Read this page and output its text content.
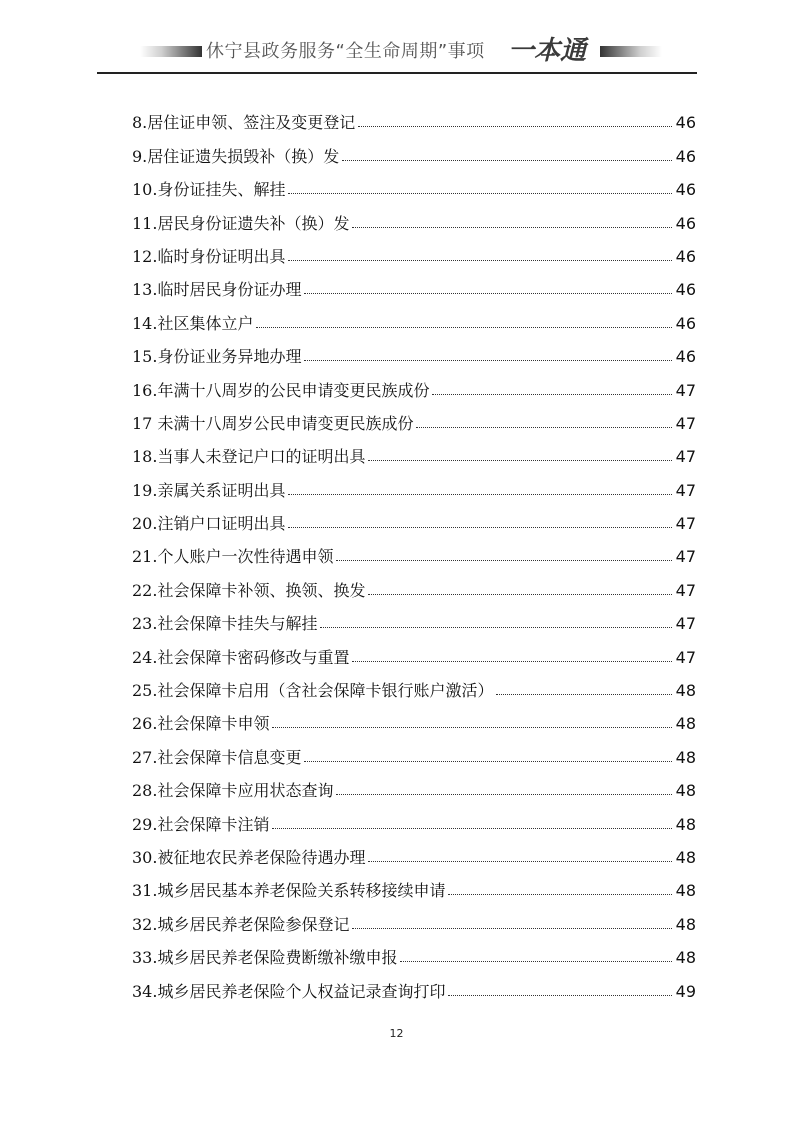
休宁县政务服务“全生命周期”事项 一本通
8.居住证申领、签注及变更登记	46
9.居住证遗失损毁补（换）发	46
10.身份证挂失、解挂	46
11.居民身份证遗失补（换）发	46
12.临时身份证明出具	46
13.临时居民身份证办理	46
14.社区集体立户	46
15.身份证业务异地办理	46
16.年满十八周岁的公民申请变更民族成份	47
17 未满十八周岁公民申请变更民族成份	47
18.当事人未登记户口的证明出具	47
19.亲属关系证明出具	47
20.注销户口证明出具	47
21.个人账户一次性待遇申领	47
22.社会保障卡补领、换领、换发	47
23.社会保障卡挂失与解挂	47
24.社会保障卡密码修改与重置	47
25.社会保障卡启用（含社会保障卡银行账户激活）	48
26.社会保障卡申领	48
27.社会保障卡信息变更	48
28.社会保障卡应用状态查询	48
29.社会保障卡注销	48
30.被征地农民养老保险待遇办理	48
31.城乡居民基本养老保险关系转移接续申请	48
32.城乡居民养老保险参保登记	48
33.城乡居民养老保险费断缴补缴申报	48
34.城乡居民养老保险个人权益记录查询打印	49
12
